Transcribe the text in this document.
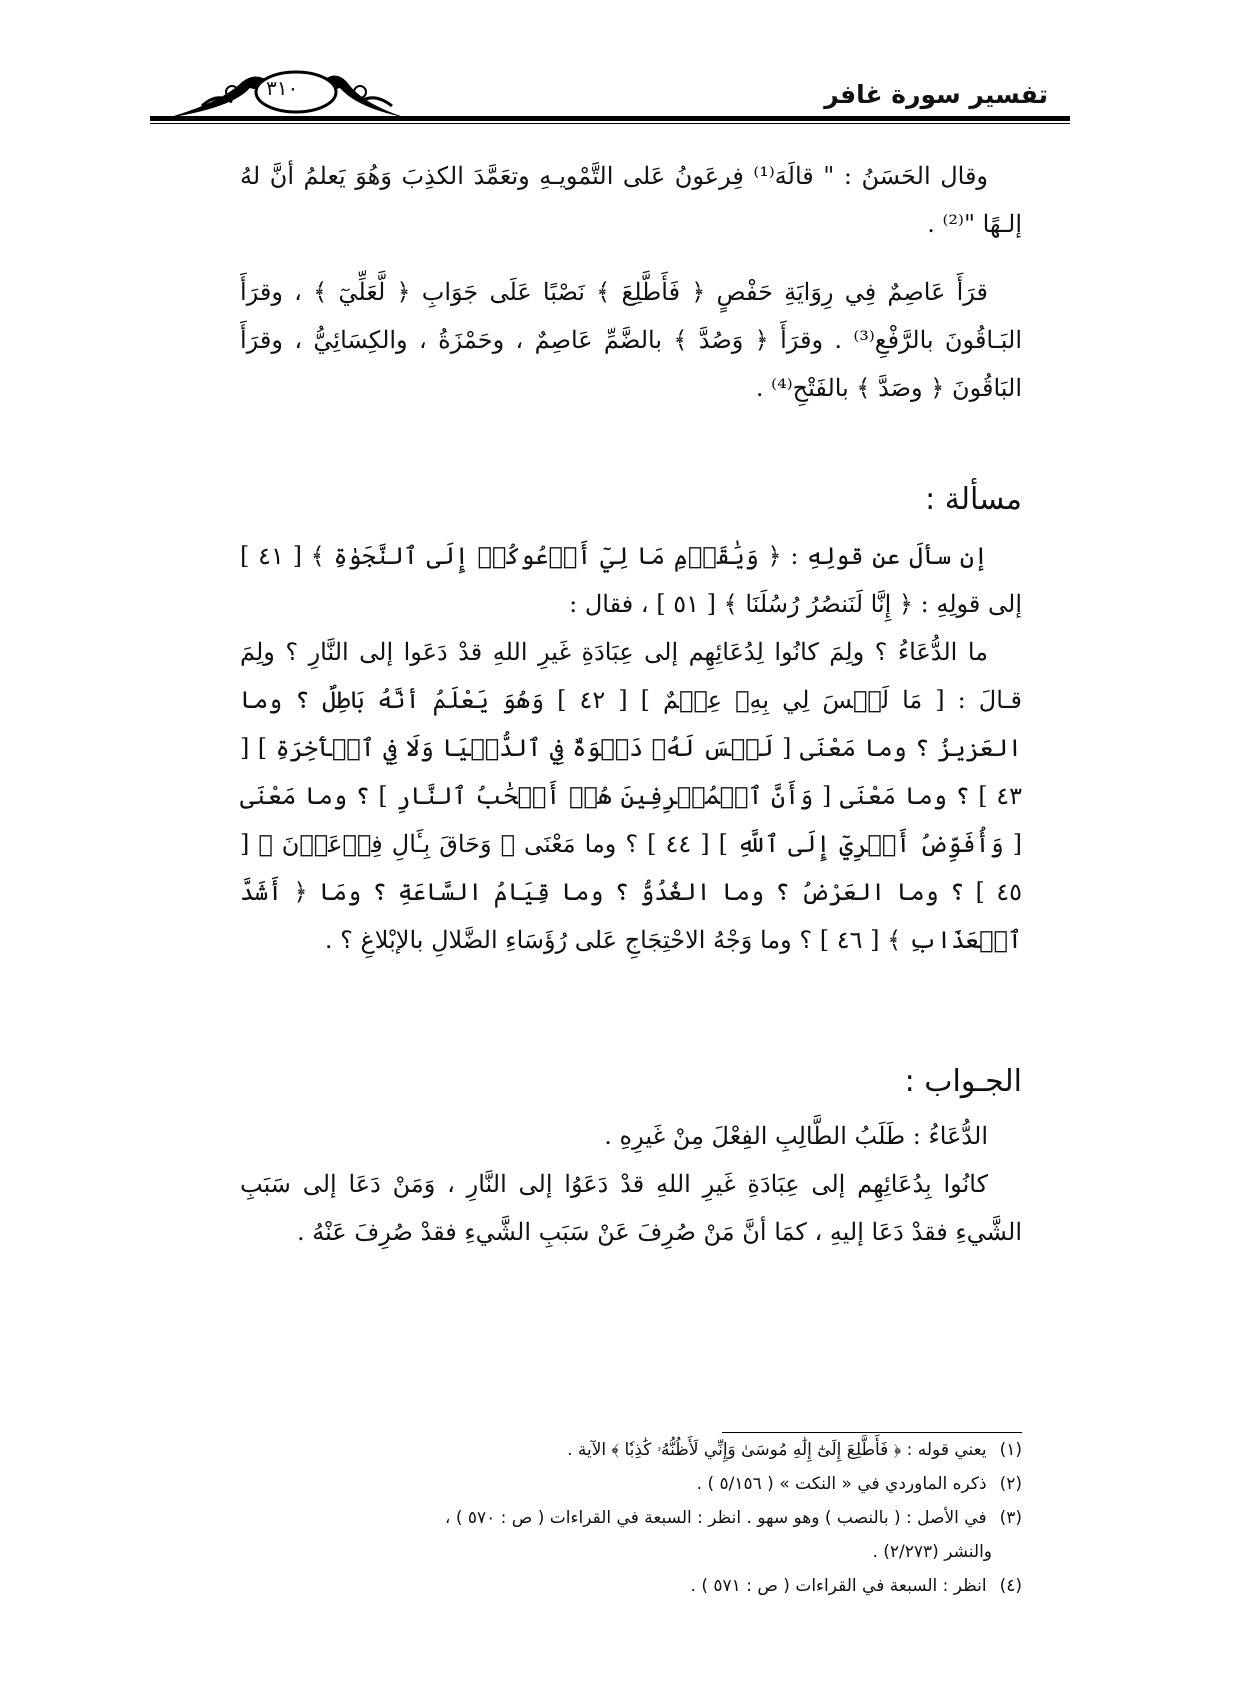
٣١٠	تفسير سورة غافر

وقال الحَسَنُ : " قالَهَ⁽¹⁾ فِرعَونُ عَلى التَّمْويـهِ وتعَمَّدَ الكذِبَ وَهُوَ يَعلمُ أنَّ لهُ إلـهًا "⁽²⁾ .

قرَأَ عَاصِمٌ فِي رِوَايَةِ حَفْصٍ ﴿ فَأَطَّلِعَ ﴾ نَصْبًا عَلَى جَوَابِ ﴿ لَّعَلِّيٓ ﴾ ، وقرَأَ البَـاقُونَ بالرَّفْعِ⁽³⁾ . وقرَأَ ﴿ وَصُدَّ ﴾ بالضَّمِّ عَاصِمٌ ، وحَمْزَةُ ، والكِسَائِيُّ ، وقرَأَ البَاقُونَ ﴿ وصَدَّ ﴾ بالفَتْحِ⁽⁴⁾ .

مسألة :

إن سألَ عن قولِهِ : ﴿ وَيَٰقَوۡمِ مَا لِيٓ أَدۡعُوكُمۡ إِلَى ٱلنَّجَوٰةِ ﴾ [ ٤١ ] إلى قولِهِ : ﴿ إِنَّا لَنَنصُرُ رُسُلَنَا ﴾ [ ٥١ ] ، فقال :

ما الدُّعَاءُ ؟ ولِمَ كانُوا لِدُعَائِهِم إلى عِبَادَةِ غَيرِ اللهِ قدْ دَعَوا إلى النَّارِ ؟ ولِمَ قـالَ : [ مَا لَيۡسَ لِي بِهِۦ عِلۡمٌ ] [ ٤٢ ] وَهُوَ يَعْلَمُ أنَّهُ بَاطِلٌ ؟ وما العَزيزُ ؟ وما مَعْنَى [ لَيۡسَ لَهُۥ دَعۡوَةٌ فِي ٱلدُّنۡيَا وَلَا فِي ٱلۡأٓخِرَةِ ] [ ٤٣ ] ؟ وما مَعْنَى [ وَأَنَّ ٱلۡمُسۡرِفِينَ هُمۡ أَصۡحَٰبُ ٱلنَّارِ ] ؟ وما مَعْنَى [ وَأُفَوِّضُ أَمۡرِيٓ إِلَى ٱللَّهِ ] [ ٤٤ ] ؟ وما مَعْنَى ﴿ وَحَاقَ بِـَٔالِ فِرۡعَوۡنَ ﴾ [ ٤٥ ] ؟ وما العَرْضُ ؟ وما الغُدُوُّ ؟ وما قِيَامُ السَّاعَةِ ؟ ومَا ﴿ أَشَدَّ ٱلۡعَذَابِ ﴾ [ ٤٦ ] ؟ وما وَجْهُ الاحْتِجَاجِ عَلى رُؤَسَاءِ الضَّلالِ بالإبْلاغِ ؟ .

الجـواب :

الدُّعَاءُ : طَلَبُ الطَّالِبِ الفِعْلَ مِنْ غَيرِهِ .

كانُوا بِدُعَائِهِم إلى عِبَادَةِ غَيرِ اللهِ قدْ دَعَوُا إلى النَّارِ ، وَمَنْ دَعَا إلى سَبَبِ الشَّيءِ فقدْ دَعَا إليهِ ، كمَا أنَّ مَنْ صُرِفَ عَنْ سَبَبِ الشَّيءِ فقدْ صُرِفَ عَنْهُ .

(١) يعني قوله : ﴿ فَأَطَّلِعَ إِلَىٰٓ إِلَٰهِ مُوسَىٰ وَإِنِّي لَأَظُنُّهُۥ كَٰذِبٗا ﴾ الآية .

(٢) ذكره الماوردي في « النكت » ( ٥/١٥٦ ) .

(٣) في الأصل : ( بالنصب ) وهو سهو . انظر : السبعة في القراءات ( ص : ٥٧٠ ) ،

والنشر (٢/٢٧٣) .

(٤) انظر : السبعة في القراءات ( ص : ٥٧١ ) .
